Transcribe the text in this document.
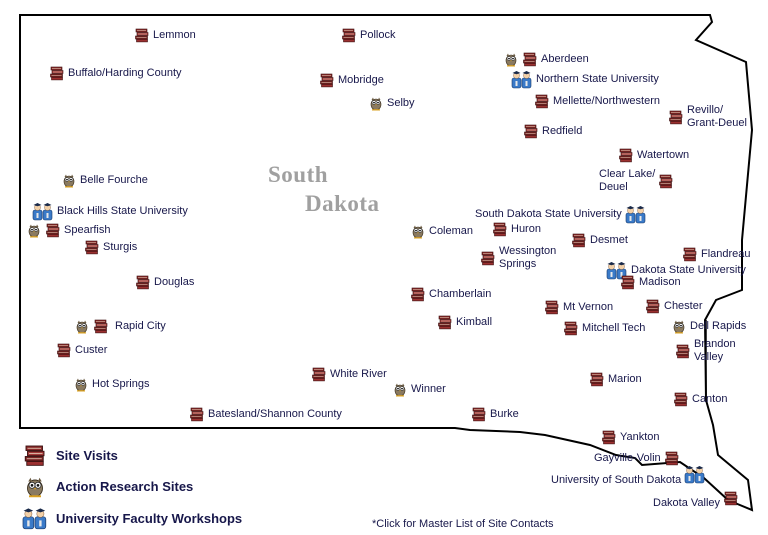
South
Dakota
Lemmon	Pollock
Aberdeen
Buffalo/Harding County
Mobridge	Northern State University
Selby	Mellette/Northwestern
Revillo/
Grant-Deuel
Redfield
Watertown
Belle Fourche	Clear Lake/
Deuel
Black Hills State University	South Dakota State University
Spearfish	Coleman	Huron
Desmet
Sturgis	Wessington
Springs
Flandreau
Dakota State University
Douglas	Madison
Chamberlain
Mt Vernon	Chester
Kimball
Rapid City	Mitchell Tech	Dell Rapids
Custer	Brandon
Valley
White River
Hot Springs	Winner
Marion
Canton
Batesland/Shannon County	Burke
Yankton
Gayville-Volin
University of South Dakota
Dakota Valley
Site Visits
Action Research Sites
University Faculty Workshops	*Click for Master List of Site Contacts
